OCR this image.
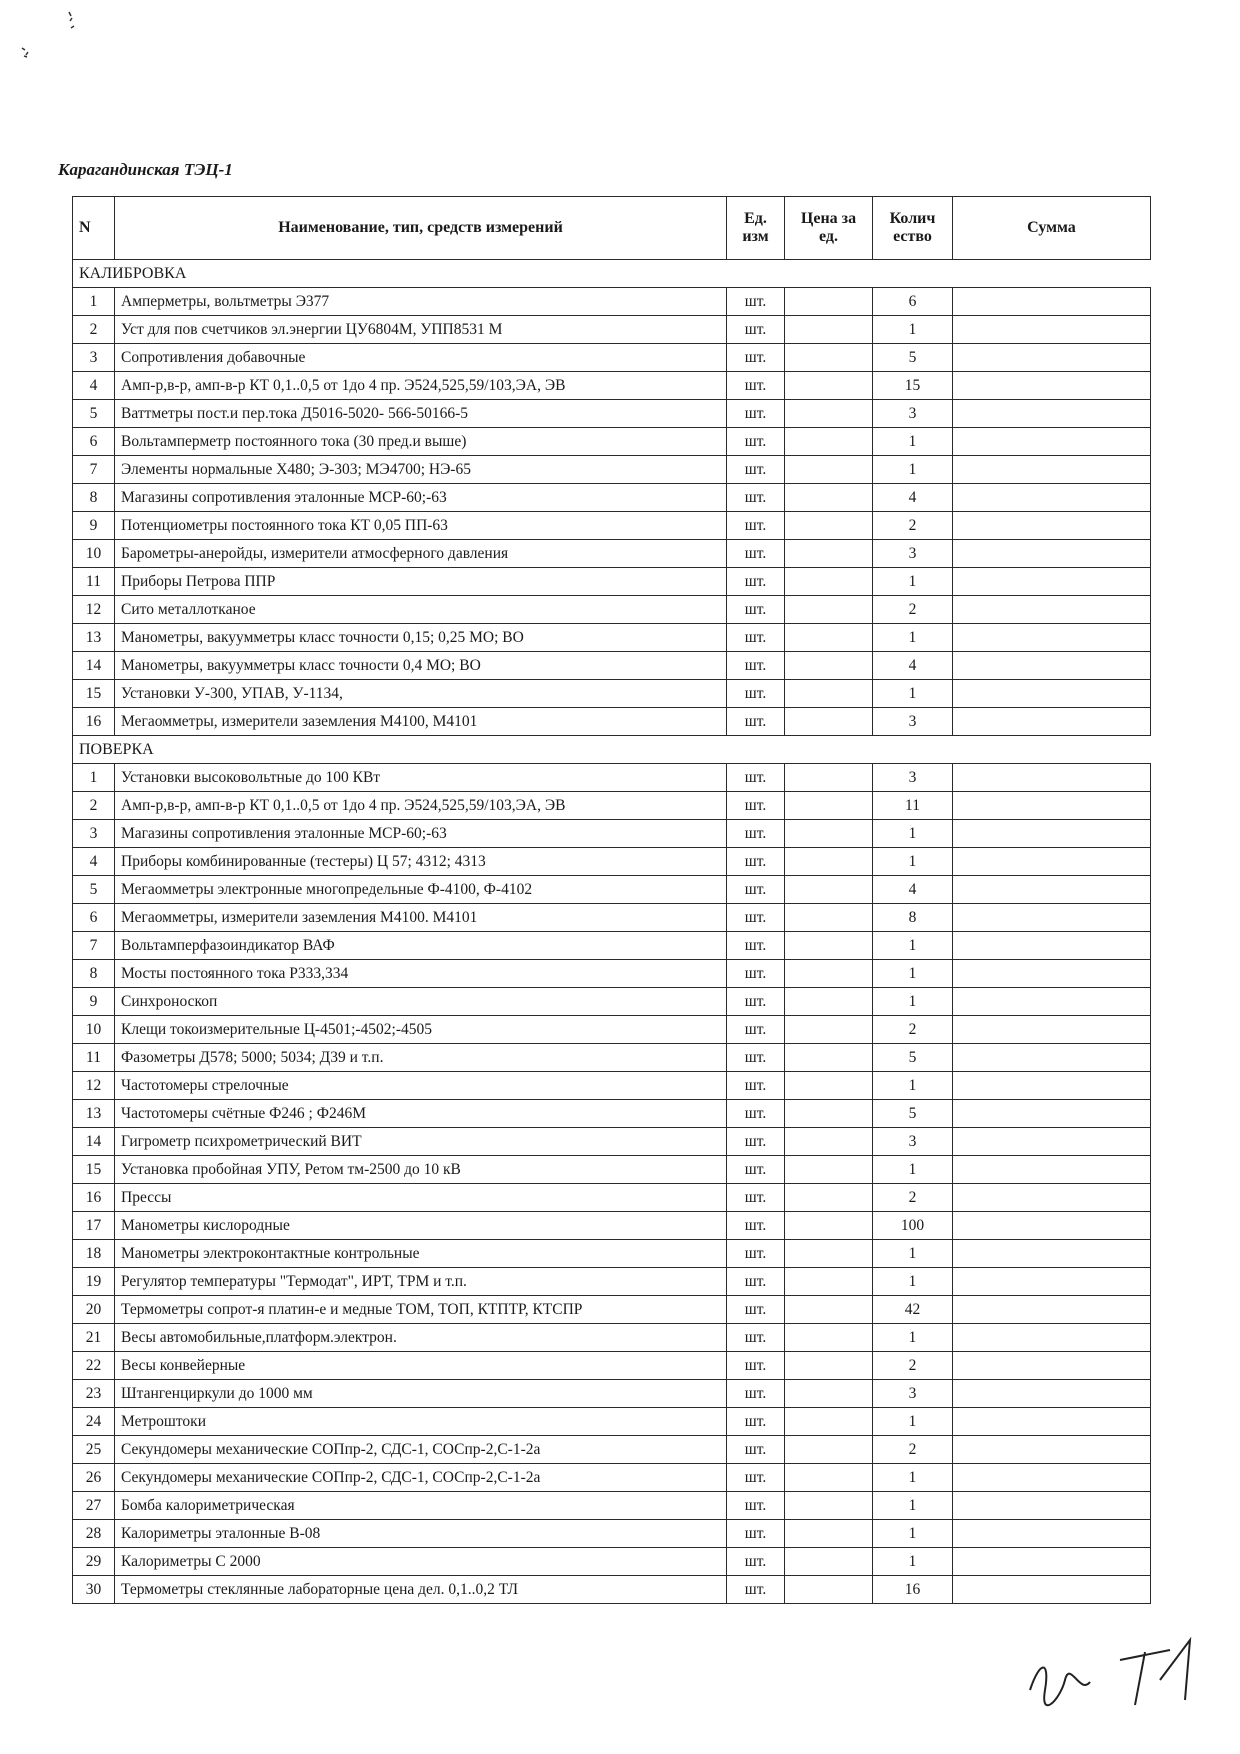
Карагандинская ТЭЦ-1
N	Наименование, тип, средств измерений	Ед. изм	Цена за ед.	Колич ество	Сумма
КАЛИБРОВКА					
1	Амперметры, вольтметры Э377	шт.		6	
2	Уст для пов счетчиков эл.энергии ЦУ6804М, УПП8531 М	шт.		1	
3	Сопротивления добавочные	шт.		5	
4	Амп-р,в-р, амп-в-р КТ 0,1..0,5 от 1до 4 пр. Э524,525,59/103,ЭА, ЭВ	шт.		15	
5	Ваттметры пост.и пер.тока Д5016-5020- 566-50166-5	шт.		3	
6	Вольтамперметр постоянного тока (30 пред.и выше)	шт.		1	
7	Элементы нормальные Х480; Э-303; МЭ4700; НЭ-65	шт.		1	
8	Магазины сопротивления эталонные МСР-60;-63	шт.		4	
9	Потенциометры постоянного тока КТ 0,05 ПП-63	шт.		2	
10	Барометры-анеройды, измерители атмосферного давления	шт.		3	
11	Приборы Петрова ППР	шт.		1	
12	Сито металлотканое	шт.		2	
13	Манометры, вакуумметры класс точности 0,15; 0,25 МО; ВО	шт.		1	
14	Манометры, вакуумметры класс точности 0,4 МО; ВО	шт.		4	
15	Установки У-300, УПАВ, У-1134,	шт.		1	
16	Мегаомметры, измерители заземления М4100, М4101	шт.		3	
ПОВЕРКА					
1	Установки высоковольтные до 100 КВт	шт.		3	
2	Амп-р,в-р, амп-в-р КТ 0,1..0,5 от 1до 4 пр. Э524,525,59/103,ЭА, ЭВ	шт.		11	
3	Магазины сопротивления эталонные МСР-60;-63	шт.		1	
4	Приборы комбинированные (тестеры) Ц 57; 4312; 4313	шт.		1	
5	Мегаомметры электронные многопредельные Ф-4100, Ф-4102	шт.		4	
6	Мегаомметры, измерители заземления М4100. М4101	шт.		8	
7	Вольтамперфазоиндикатор ВАФ	шт.		1	
8	Мосты постоянного тока Р333,334	шт.		1	
9	Синхроноскоп	шт.		1	
10	Клещи токоизмерительные Ц-4501;-4502;-4505	шт.		2	
11	Фазометры Д578; 5000; 5034; Д39 и т.п.	шт.		5	
12	Частотомеры стрелочные	шт.		1	
13	Частотомеры счётные Ф246 ; Ф246М	шт.		5	
14	Гигрометр психрометрический ВИТ	шт.		3	
15	Установка пробойная УПУ, Ретом тм-2500 до 10 кВ	шт.		1	
16	Прессы	шт.		2	
17	Манометры кислородные	шт.		100	
18	Манометры электроконтактные контрольные	шт.		1	
19	Регулятор температуры "Термодат", ИРТ, ТРМ и т.п.	шт.		1	
20	Термометры сопрот-я платин-е и медные ТОМ, ТОП, КТПТР, КТСПР	шт.		42	
21	Весы автомобильные,платформ.электрон.	шт.		1	
22	Весы конвейерные	шт.		2	
23	Штангенциркули до 1000 мм	шт.		3	
24	Метроштоки	шт.		1	
25	Секундомеры механические СОПпр-2, СДС-1, СОСпр-2,С-1-2а	шт.		2	
26	Секундомеры механические СОПпр-2, СДС-1, СОСпр-2,С-1-2а	шт.		1	
27	Бомба калориметрическая	шт.		1	
28	Калориметры эталонные В-08	шт.		1	
29	Калориметры С 2000	шт.		1	
30	Термометры стеклянные лабораторные цена дел. 0,1..0,2 ТЛ	шт.		16	
